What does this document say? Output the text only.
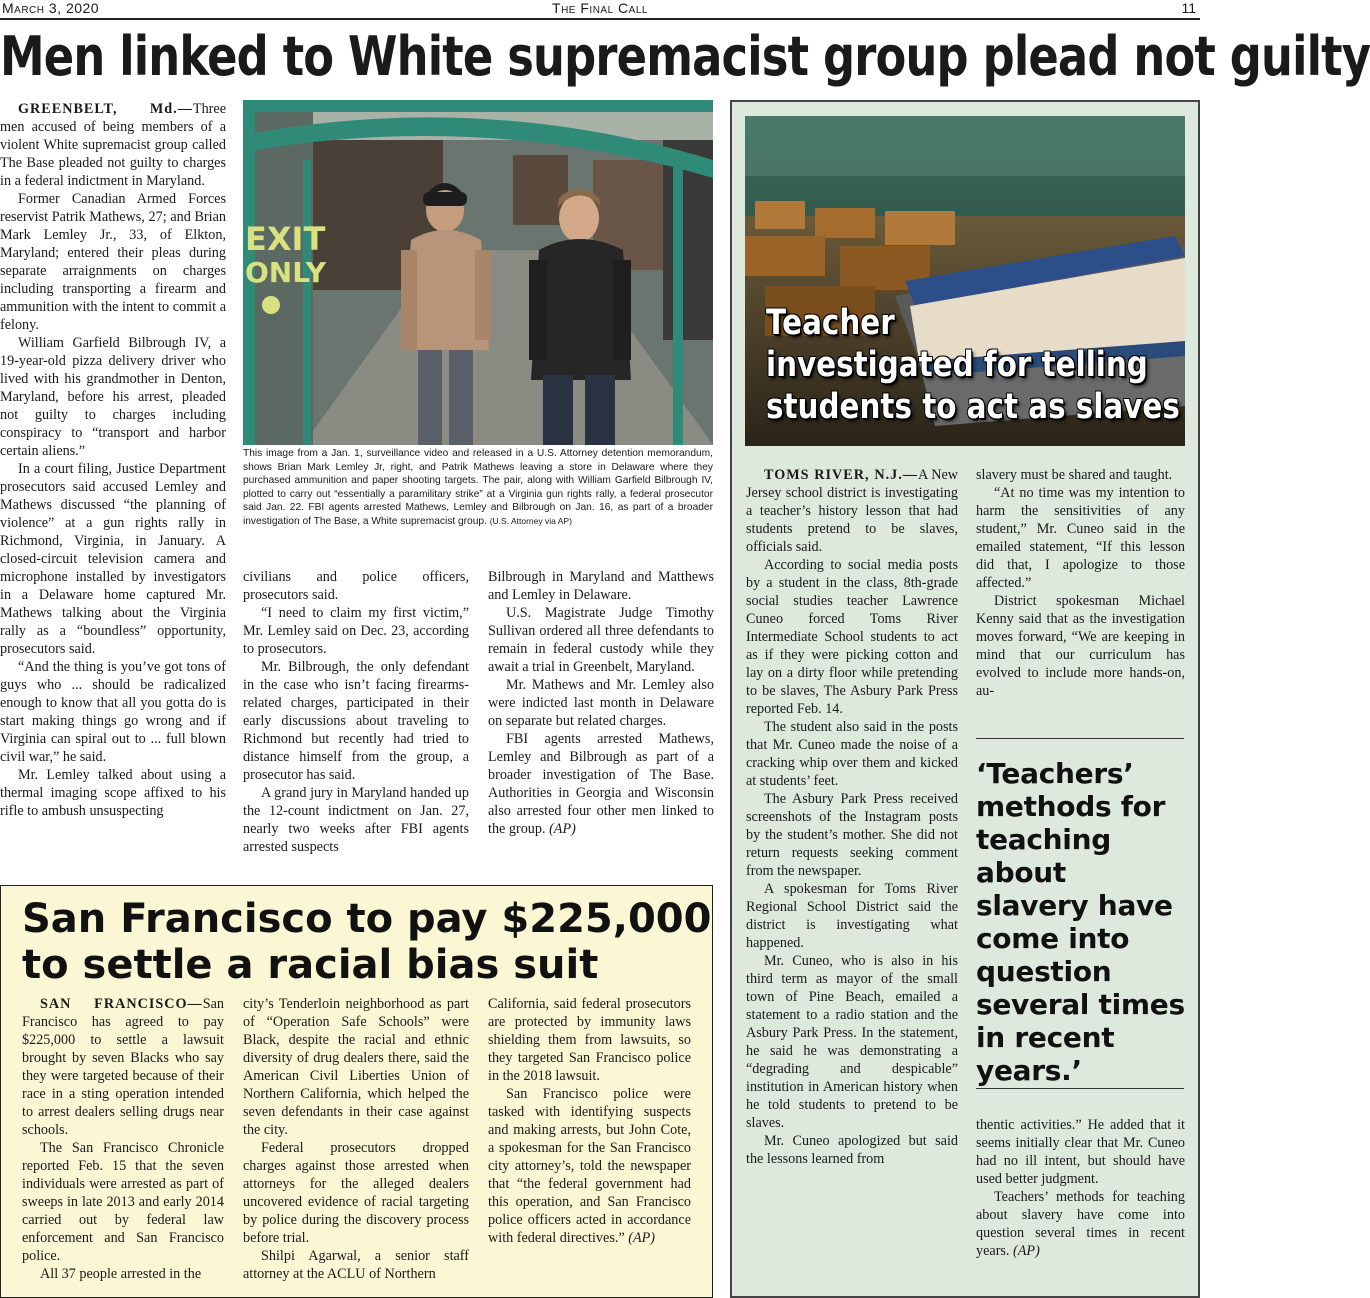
The Final Call
March 3, 2020	11
Men linked to White supremacist group plead not guilty

GREENBELT, Md.—Three men accused of being members of a violent White supremacist group called The Base pleaded not guilty to charges in a federal indictment in Maryland.

Former Canadian Armed Forces reservist Patrik Mathews, 27; and Brian Mark Lemley Jr., 33, of Elkton, Maryland; entered their pleas during separate arraignments on charges including transporting a firearm and ammunition with the intent to commit a felony.

William Garfield Bilbrough IV, a 19-year-old pizza delivery driver who lived with his grandmother in Denton, Maryland, before his arrest, pleaded not guilty to charges including conspiracy to “transport and harbor certain aliens.”

In a court filing, Justice Department prosecutors said accused Lemley and Mathews discussed “the planning of violence” at a gun rights rally in Richmond, Virginia, in January. A closed-circuit television camera and microphone installed by investigators in a Delaware home captured Mr. Mathews talking about the Virginia rally as a “boundless” opportunity, prosecutors said.

“And the thing is you’ve got tons of guys who ... should be radicalized enough to know that all you gotta do is start making things go wrong and if Virginia can spiral out to ... full blown civil war,” he said.

Mr. Lemley talked about using a thermal imaging scope affixed to his rifle to ambush unsuspecting

EXIT
ONLY
This image from a Jan. 1, surveillance video and released in a U.S. Attorney detention memorandum, shows Brian Mark Lemley Jr, right, and Patrik Mathews leaving a store in Delaware where they purchased ammunition and paper shooting targets. The pair, along with William Garfield Bilbrough IV, plotted to carry out “essentially a paramilitary strike” at a Virginia gun rights rally, a federal prosecutor said Jan. 22. FBI agents arrested Mathews, Lemley and Bilbrough on Jan. 16, as part of a broader investigation of The Base, a White supremacist group. (U.S. Attorney via AP)

civilians and police officers, prosecutors said.

“I need to claim my first victim,” Mr. Lemley said on Dec. 23, according to prosecutors.

Mr. Bilbrough, the only defendant in the case who isn’t facing firearms-related charges, participated in their early discussions about traveling to Richmond but recently had tried to distance himself from the group, a prosecutor has said.

A grand jury in Maryland handed up the 12-count indictment on Jan. 27, nearly two weeks after FBI agents arrested suspects

Bilbrough in Maryland and Matthews and Lemley in Delaware.

U.S. Magistrate Judge Timothy Sullivan ordered all three defendants to remain in federal custody while they await a trial in Greenbelt, Maryland.

Mr. Mathews and Mr. Lemley also were indicted last month in Delaware on separate but related charges.

FBI agents arrested Mathews, Lemley and Bilbrough as part of a broader investigation of The Base. Authorities in Georgia and Wisconsin also arrested four other men linked to the group. (AP)

San Francisco to pay $225,000 to settle a racial bias suit

SAN FRANCISCO—San Francisco has agreed to pay $225,000 to settle a lawsuit brought by seven Blacks who say they were targeted because of their race in a sting operation intended to arrest dealers selling drugs near schools.

The San Francisco Chronicle reported Feb. 15 that the seven individuals were arrested as part of sweeps in late 2013 and early 2014 carried out by federal law enforcement and San Francisco police.

All 37 people arrested in the

city’s Tenderloin neighborhood as part of “Operation Safe Schools” were Black, despite the racial and ethnic diversity of drug dealers there, said the American Civil Liberties Union of Northern California, which helped the seven defendants in their case against the city.

Federal prosecutors dropped charges against those arrested when attorneys for the alleged dealers uncovered evidence of racial targeting by police during the discovery process before trial.

Shilpi Agarwal, a senior staff attorney at the ACLU of Northern

California, said federal prosecutors are protected by immunity laws shielding them from lawsuits, so they targeted San Francisco police in the 2018 lawsuit.

San Francisco police were tasked with identifying suspects and making arrests, but John Cote, a spokesman for the San Francisco city attorney’s, told the newspaper that “the federal government had this operation, and San Francisco police officers acted in accordance with federal directives.” (AP)

Teacher
investigated for telling
students to act as slaves

TOMS RIVER, N.J.—A New Jersey school district is investigating a teacher’s history lesson that had students pretend to be slaves, officials said.

According to social media posts by a student in the class, 8th-grade social studies teacher Lawrence Cuneo forced Toms River Intermediate School students to act as if they were picking cotton and lay on a dirty floor while pretending to be slaves, The Asbury Park Press reported Feb. 14.

The student also said in the posts that Mr. Cuneo made the noise of a cracking whip over them and kicked at students’ feet.

The Asbury Park Press received screenshots of the Instagram posts by the student’s mother. She did not return requests seeking comment from the newspaper.

A spokesman for Toms River Regional School District said the district is investigating what happened.

Mr. Cuneo, who is also in his third term as mayor of the small town of Pine Beach, emailed a statement to a radio station and the Asbury Park Press. In the statement, he said he was demonstrating a “degrading and despicable” institution in American history when he told students to pretend to be slaves.

Mr. Cuneo apologized but said the lessons learned from

slavery must be shared and taught.

“At no time was my intention to harm the sensitivities of any student,” Mr. Cuneo said in the emailed statement, “If this lesson did that, I apologize to those affected.”

District spokesman Michael Kenny said that as the investigation moves forward, “We are keeping in mind that our curriculum has evolved to include more hands-on, au-

‘Teachers’ methods for teaching about slavery have come into question several times in recent years.’

thentic activities.” He added that it seems initially clear that Mr. Cuneo had no ill intent, but should have used better judgment.

Teachers’ methods for teaching about slavery have come into question several times in recent years. (AP)
